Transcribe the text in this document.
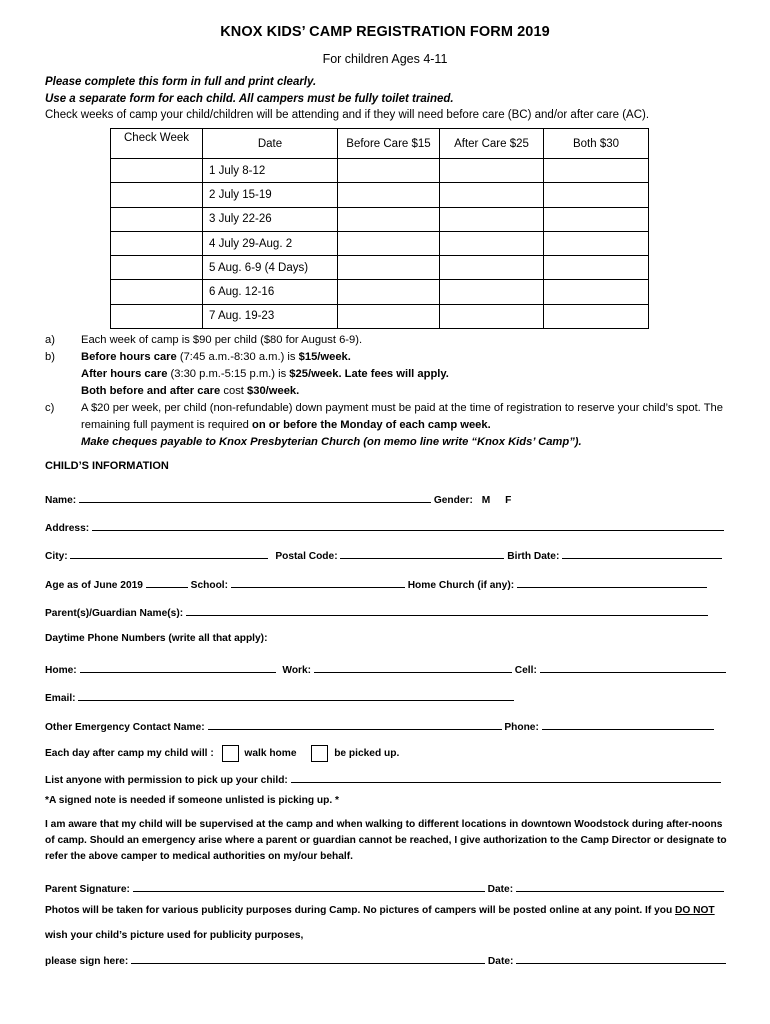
KNOX KIDS’ CAMP REGISTRATION FORM 2019
For children Ages 4-11
Please complete this form in full and print clearly.
Use a separate form for each child. All campers must be fully toilet trained.
Check weeks of camp your child/children will be attending and if they will need before care (BC) and/or after care (AC).
Check Week	Date	Before Care $15	After Care $25	Both $30
	1 July 8-12			
	2 July 15-19			
	3 July 22-26			
	4 July 29-Aug. 2			
	5 Aug. 6-9 (4 Days)			
	6 Aug. 12-16			
	7 Aug. 19-23			
a) Each week of camp is $90 per child ($80 for August 6-9).
b) Before hours care (7:45 a.m.-8:30 a.m.) is $15/week.
After hours care (3:30 p.m.-5:15 p.m.) is $25/week. Late fees will apply.
Both before and after care cost $30/week.
c) A $20 per week, per child (non-refundable) down payment must be paid at the time of registration to reserve your child’s spot. The remaining full payment is required on or before the Monday of each camp week.
Make cheques payable to Knox Presbyterian Church (on memo line write “Knox Kids’ Camp”).
CHILD’S INFORMATION
Name:	Gender: M F
Address:
City:	Postal Code:	Birth Date:
Age as of June 2019	School:	Home Church (if any):
Parent(s)/Guardian Name(s):
Daytime Phone Numbers (write all that apply):
Home:	Work:	Cell:
Email:
Other Emergency Contact Name:	Phone:
Each day after camp my child will :	walk home	be picked up.
List anyone with permission to pick up your child:
*A signed note is needed if someone unlisted is picking up. *
I am aware that my child will be supervised at the camp and when walking to different locations in downtown Woodstock during after-noons of camp. Should an emergency arise where a parent or guardian cannot be reached, I give authorization to the Camp Director or designate to refer the above camper to medical authorities on my/our behalf.
Parent Signature:	Date:
Photos will be taken for various publicity purposes during Camp. No pictures of campers will be posted online at any point. If you DO NOT
wish your child’s picture used for publicity purposes,
please sign here:	Date:
